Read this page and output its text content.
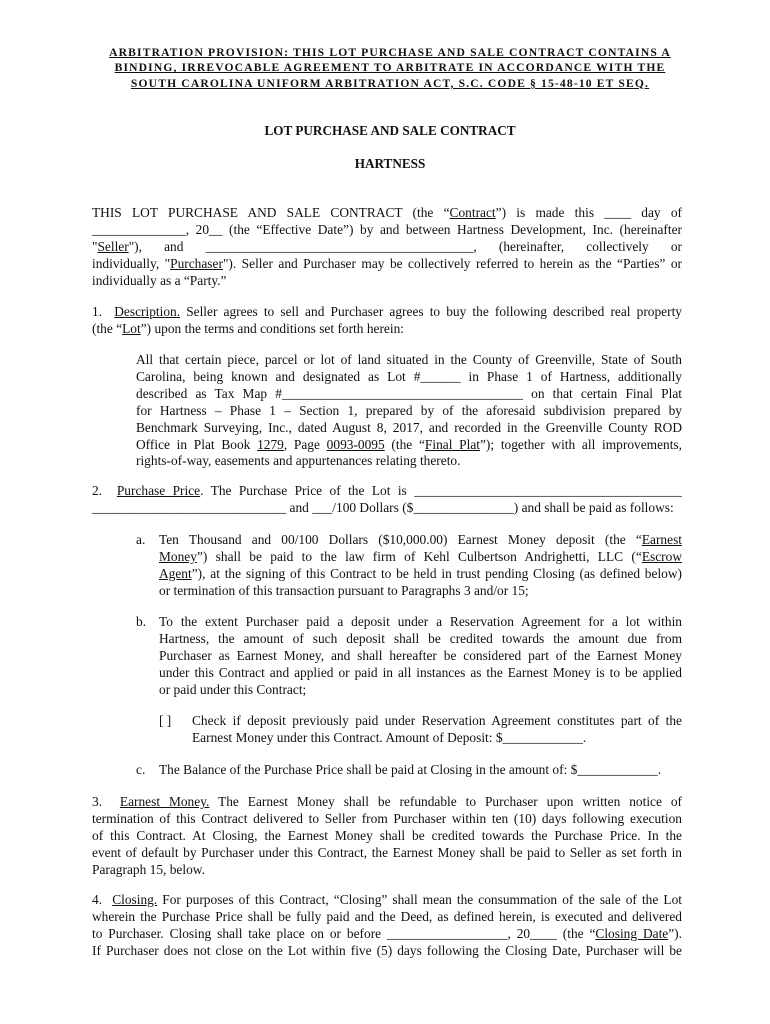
ARBITRATION PROVISION: THIS LOT PURCHASE AND SALE CONTRACT CONTAINS A
BINDING, IRREVOCABLE AGREEMENT TO ARBITRATE IN ACCORDANCE WITH THE
SOUTH CAROLINA UNIFORM ARBITRATION ACT, S.C. CODE § 15-48-10 ET SEQ.
LOT PURCHASE AND SALE CONTRACT
HARTNESS
THIS LOT PURCHASE AND SALE CONTRACT (the “Contract”) is made this ____ day of
______________, 20__ (the “Effective Date”) by and between Hartness Development, Inc. (hereinafter
"Seller"), and ________________________________________, (hereinafter, collectively or
individually, "Purchaser"). Seller and Purchaser may be collectively referred to herein as the “Parties” or
individually as a “Party.”
1. Description. Seller agrees to sell and Purchaser agrees to buy the following described real property
(the “Lot”) upon the terms and conditions set forth herein:
All that certain piece, parcel or lot of land situated in the County of Greenville, State of South
Carolina, being known and designated as Lot #______ in Phase 1 of Hartness, additionally
described as Tax Map #____________________________________ on that certain Final Plat
for Hartness – Phase 1 – Section 1, prepared by of the aforesaid subdivision prepared by
Benchmark Surveying, Inc., dated August 8, 2017, and recorded in the Greenville County ROD
Office in Plat Book 1279, Page 0093-0095 (the “Final Plat”); together with all improvements,
rights-of-way, easements and appurtenances relating thereto.
2. Purchase Price. The Purchase Price of the Lot is ________________________________________
_____________________________ and ___/100 Dollars ($_______________) and shall be paid as follows:
a. Ten Thousand and 00/100 Dollars ($10,000.00) Earnest Money deposit (the “Earnest
Money”) shall be paid to the law firm of Kehl Culbertson Andrighetti, LLC (“Escrow
Agent”), at the signing of this Contract to be held in trust pending Closing (as defined below)
or termination of this transaction pursuant to Paragraphs 3 and/or 15;
b. To the extent Purchaser paid a deposit under a Reservation Agreement for a lot within
Hartness, the amount of such deposit shall be credited towards the amount due from
Purchaser as Earnest Money, and shall hereafter be considered part of the Earnest Money
under this Contract and applied or paid in all instances as the Earnest Money is to be applied
or paid under this Contract;
[ ] Check if deposit previously paid under Reservation Agreement constitutes part of the
Earnest Money under this Contract. Amount of Deposit: $____________.
c. The Balance of the Purchase Price shall be paid at Closing in the amount of: $____________.
3. Earnest Money. The Earnest Money shall be refundable to Purchaser upon written notice of
termination of this Contract delivered to Seller from Purchaser within ten (10) days following execution
of this Contract. At Closing, the Earnest Money shall be credited towards the Purchase Price. In the
event of default by Purchaser under this Contract, the Earnest Money shall be paid to Seller as set forth in
Paragraph 15, below.
4. Closing. For purposes of this Contract, “Closing” shall mean the consummation of the sale of the Lot
wherein the Purchase Price shall be fully paid and the Deed, as defined herein, is executed and delivered
to Purchaser. Closing shall take place on or before __________________, 20____ (the “Closing Date”).
If Purchaser does not close on the Lot within five (5) days following the Closing Date, Purchaser will be
